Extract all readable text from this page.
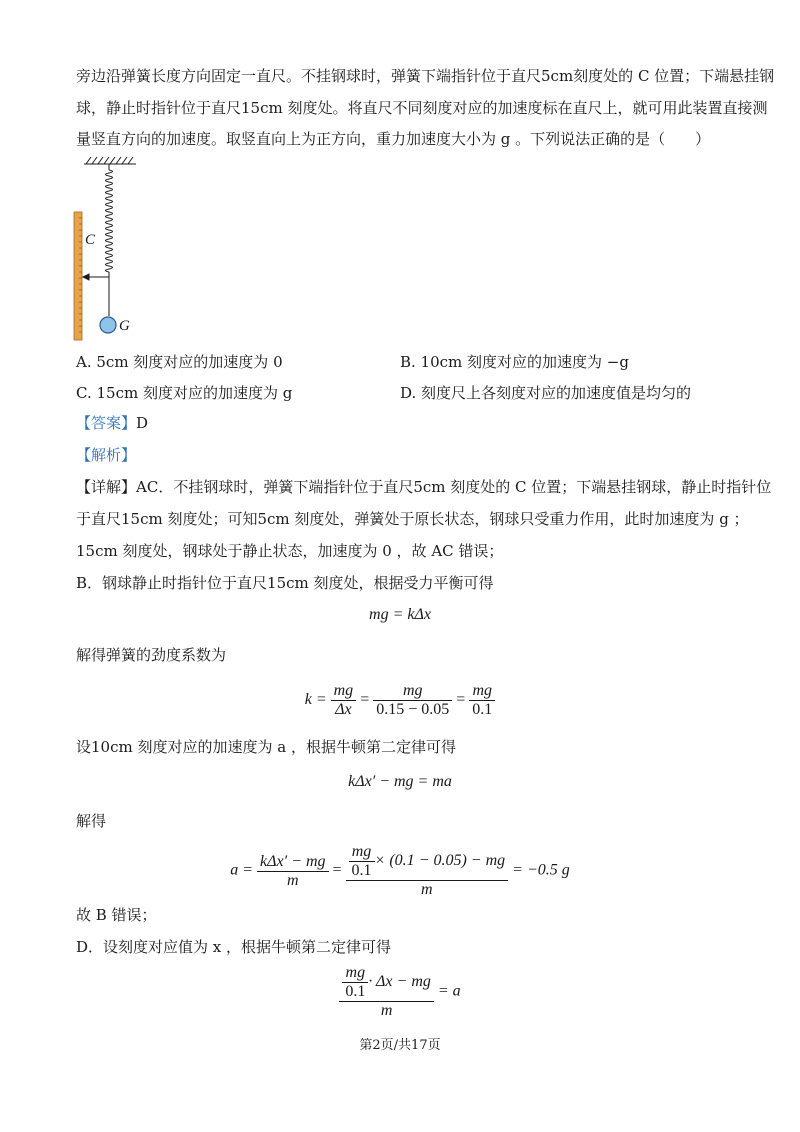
旁边沿弹簧长度方向固定一直尺。不挂钢球时，弹簧下端指针位于直尺5cm刻度处的 C 位置；下端悬挂钢
球，静止时指针位于直尺15cm 刻度处。将直尺不同刻度对应的加速度标在直尺上，就可用此装置直接测
量竖直方向的加速度。取竖直向上为正方向，重力加速度大小为 g 。下列说法正确的是（　　）
C
G
A. 5cm 刻度对应的加速度为 0	B. 10cm 刻度对应的加速度为 −g
C. 15cm 刻度对应的加速度为 g	D. 刻度尺上各刻度对应的加速度值是均匀的
【答案】D
【解析】
【详解】AC．不挂钢球时，弹簧下端指针位于直尺5cm 刻度处的 C 位置；下端悬挂钢球，静止时指针位
于直尺15cm 刻度处；可知5cm 刻度处，弹簧处于原长状态，钢球只受重力作用，此时加速度为 g ；
15cm 刻度处，钢球处于静止状态，加速度为 0 ，故 AC 错误；
B．钢球静止时指针位于直尺15cm 刻度处，根据受力平衡可得
mg = kΔx
解得弹簧的劲度系数为
$k = \frac{mg}{\Delta x} = \frac{mg}{0.15 - 0.05} = \frac{mg}{0.1}$
设10cm 刻度对应的加速度为 a ，根据牛顿第二定律可得
kΔx′ − mg = ma
解得
$a = \frac{\text{kΔx′ − mg}}{m} = \frac{\frac{mg}{0.1} \times (0.1 - 0.05) - mg}{m} = -0.5$ g
故 B 错误；
D．设刻度对应值为 x ，根据牛顿第二定律可得
$\frac{\frac{mg}{0.1} \cdot \Delta x - mg}{m} = a$
第2页/共17页
